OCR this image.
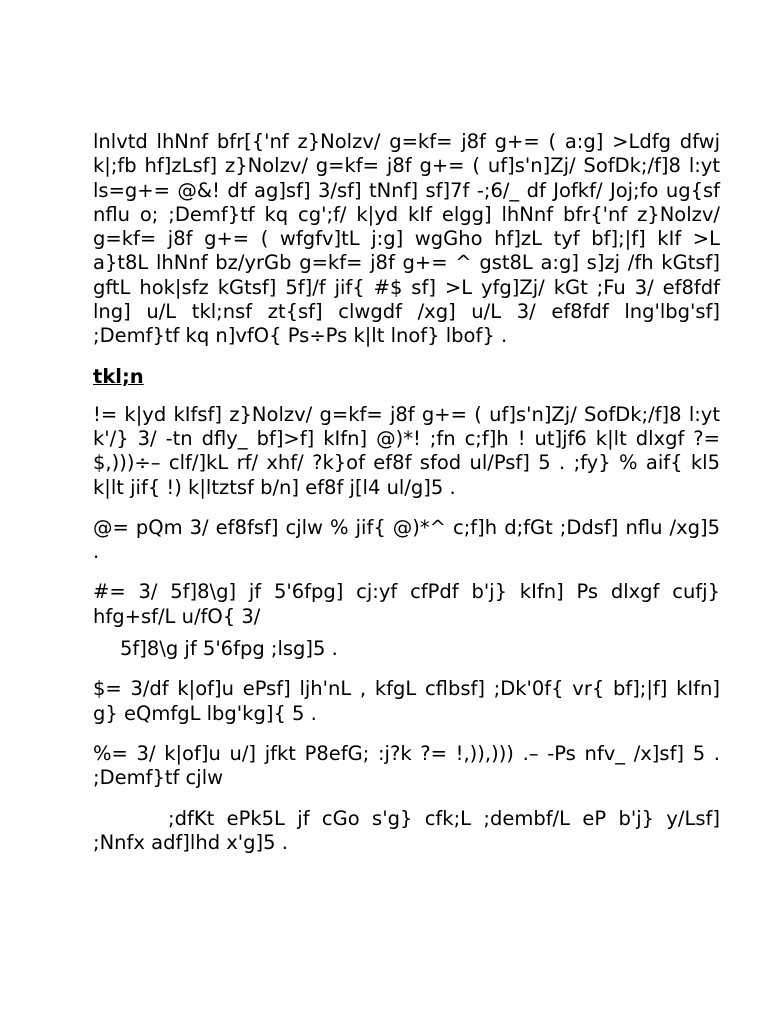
lnlvtd lhNnf bfr[{'nf z}Nolzv/ g=kf= j8f g+= ( a:g] >Ldfg dfwj k|;fb hf]zLsf] z}Nolzv/ g=kf= j8f g+= ( uf]s'n]Zj/ SofDk;/f]8 l:yt ls=g+= @&! df ag]sf] 3/sf] tNnf] sf]7f -;6/_ df Jofkf/ Joj;fo ug{sf nflu o; ;Demf}tf kq cg';f/ k|yd kIf elgg] lhNnf bfr{'nf z}Nolzv/ g=kf= j8f g+= ( wfgfv]tL j:g] wgGho hf]zL tyf bf];|f] kIf >L a}t8L lhNnf bz/yrGb g=kf= j8f g+= ^ gst8L a:g] s]zj /fh kGtsf] gftL hok|sfz kGtsf] 5f]/f jif{ #$ sf] >L yfg]Zj/ kGt ;Fu 3/ ef8fdf lng] u/L tkl;nsf zt{sf] clwgdf /xg] u/L 3/ ef8fdf lng'lbg'sf] ;Demf}tf kq n]vfO{ Ps÷Ps k|lt lnof} lbof} .

tkl;n

!= k|yd kIfsf] z}Nolzv/ g=kf= j8f g+= ( uf]s'n]Zj/ SofDk;/f]8 l:yt k'/} 3/ -tn dfly_ bf]>f] kIfn] @)*! ;fn c;f]h ! ut]jf6 k|lt dlxgf ?= $,)))÷– clf/]kL rf/ xhf/ ?k}of ef8f sfod ul/Psf] 5 . ;fy} % aif{ kl5 k|lt jif{ !) k|ltztsf b/n] ef8f j[l4 ul/g]5 .

@= pQm 3/ ef8fsf] cjlw % jif{ @)*^ c;f]h d;fGt ;Ddsf] nflu /xg]5 .

#= 3/ 5f]8\g] jf 5'6fpg] cj:yf cfPdf b'j} kIfn] Ps dlxgf cufj} hfg+sf/L u/fO{ 3/

5f]8\g jf 5'6fpg ;lsg]5 .

$= 3/df k|of]u ePsf] ljh'nL , kfgL cflbsf] ;Dk'0f{ vr{ bf];|f] kIfn] g} eQmfgL lbg'kg]{ 5 .

%= 3/ k|of]u u/] jfkt P8efG; :j?k ?= !,)),))) .– -Ps nfv_ /x]sf] 5 . ;Demf}tf cjlw

;dfKt ePk5L jf cGo s'g} cfk;L ;dembf/L eP b'j} y/Lsf] ;Nnfx adf]lhd x'g]5 .
